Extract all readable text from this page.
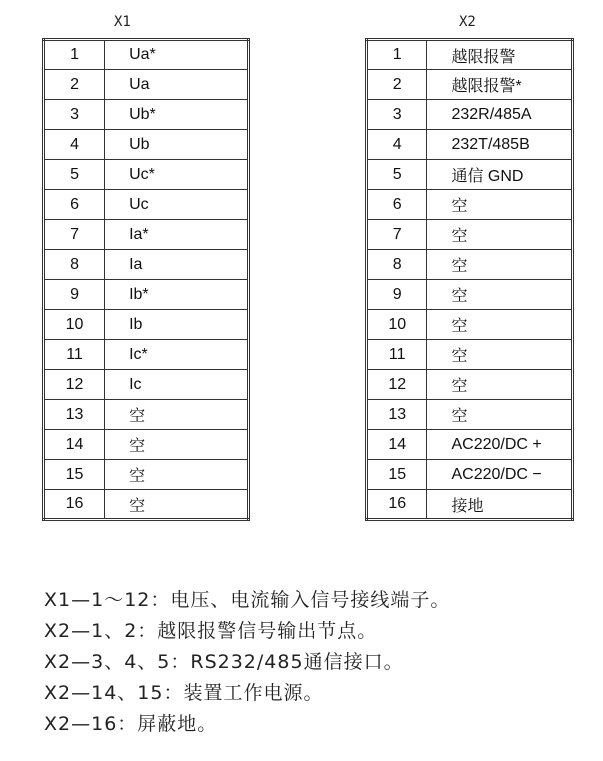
X1
1	Ua*
2	Ua
3	Ub*
4	Ub
5	Uc*
6	Uc
7	Ia*
8	Ia
9	Ib*
10	Ib
11	Ic*
12	Ic
13	空
14	空
15	空
16	空
X2
1	越限报警
2	越限报警*
3	232R/485A
4	232T/485B
5	通信 GND
6	空
7	空
8	空
9	空
10	空
11	空
12	空
13	空
14	AC220/DC +
15	AC220/DC −
16	接地
X1—1～12：电压、电流输入信号接线端子。
X2—1、2：越限报警信号输出节点。
X2—3、4、5：RS232/485通信接口。
X2—14、15：装置工作电源。
X2—16：屏蔽地。
